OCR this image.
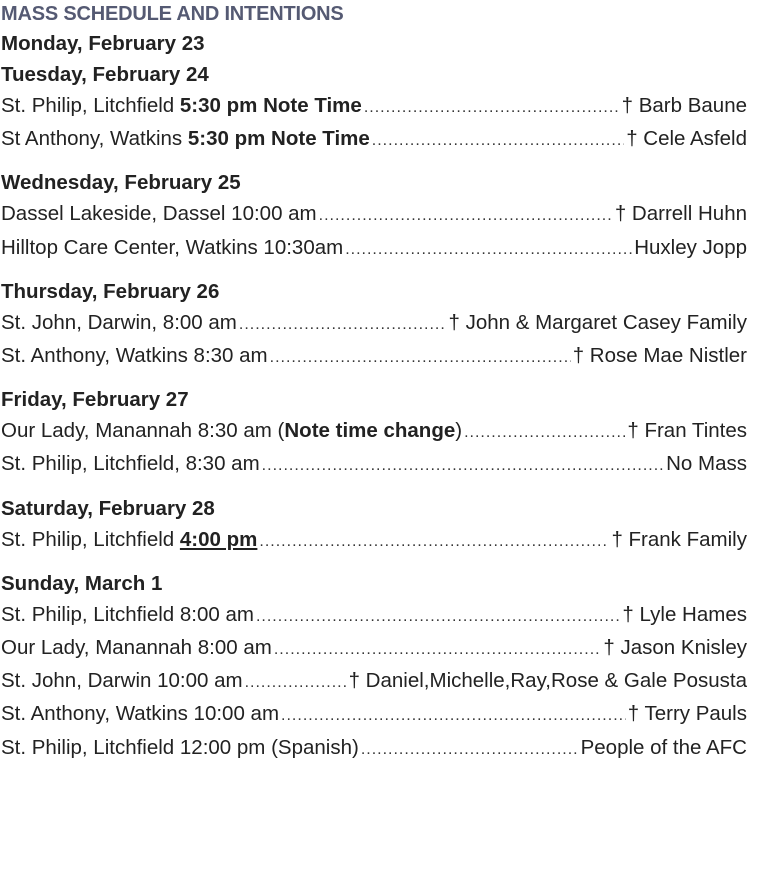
MASS SCHEDULE AND INTENTIONS
Monday, February 23
Tuesday, February 24
St. Philip, Litchfield 5:30 pm Note Time .....	† Barb Baune
St Anthony, Watkins 5:30 pm Note Time .....	† Cele Asfeld
Wednesday, February 25
Dassel Lakeside, Dassel 10:00 am .....	† Darrell Huhn
Hilltop Care Center, Watkins 10:30am .....	Huxley Jopp
Thursday, February 26
St. John, Darwin, 8:00 am .....	† John & Margaret Casey Family
St. Anthony, Watkins 8:30 am .....	† Rose Mae Nistler
Friday, February 27
Our Lady, Manannah 8:30 am (Note time change) .....	† Fran Tintes
St. Philip, Litchfield, 8:30 am .....	No Mass
Saturday, February 28
St. Philip, Litchfield 4:00 pm .....	† Frank Family
Sunday, March 1
St. Philip, Litchfield 8:00 am .....	† Lyle Hames
Our Lady, Manannah 8:00 am .....	† Jason Knisley
St. John, Darwin 10:00 am .....	† Daniel,Michelle,Ray,Rose & Gale Posusta
St. Anthony, Watkins 10:00 am .....	† Terry Pauls
St. Philip, Litchfield 12:00 pm (Spanish) .....	People of the AFC
